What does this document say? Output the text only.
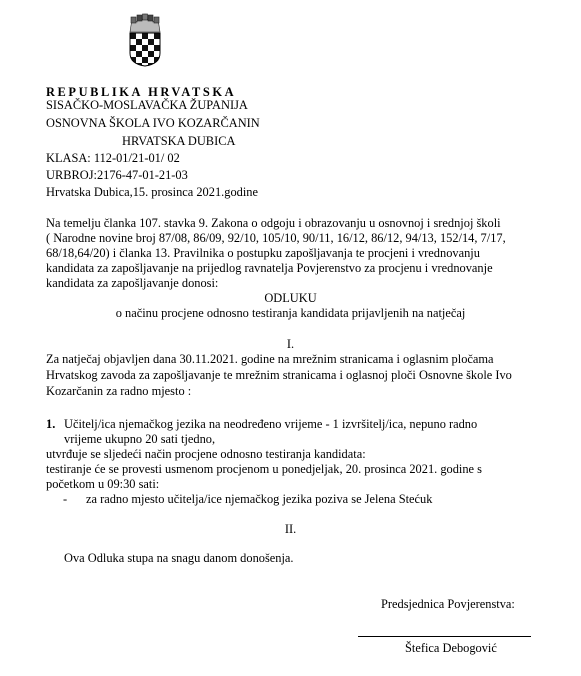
REPUBLIKA HRVATSKA
SISAČKO-MOSLAVAČKA ŽUPANIJA
OSNOVNA ŠKOLA IVO KOZARČANIN
HRVATSKA DUBICA
KLASA: 112-01/21-01/ 02
URBROJ:2176-47-01-21-03
Hrvatska Dubica,15. prosinca 2021.godine
Na temelju članka 107. stavka 9. Zakona o odgoju i obrazovanju u osnovnoj i srednjoj školi
( Narodne novine broj 87/08, 86/09, 92/10, 105/10, 90/11, 16/12, 86/12, 94/13, 152/14, 7/17,
68/18,64/20) i članka 13. Pravilnika o postupku zapošljavanja te procjeni i vrednovanju
kandidata za zapošljavanje na prijedlog ravnatelja Povjerenstvo za procjenu i vrednovanje
kandidata za zapošljavanje donosi:
ODLUKU
o načinu procjene odnosno testiranja kandidata prijavljenih na natječaj
I.
Za natječaj objavljen dana 30.11.2021. godine na mrežnim stranicama i oglasnim pločama
Hrvatskog zavoda za zapošljavanje te mrežnim stranicama i oglasnoj ploči Osnovne škole Ivo
Kozarčanin za radno mjesto :
1. Učitelj/ica njemačkog jezika na neodređeno vrijeme - 1 izvršitelj/ica, nepuno radno
vrijeme ukupno 20 sati tjedno,
utvrđuje se sljedeći način procjene odnosno testiranja kandidata:
testiranje će se provesti usmenom procjenom u ponedjeljak, 20. prosinca 2021. godine s
početkom u 09:30 sati:
- za radno mjesto učitelja/ice njemačkog jezika poziva se Jelena Stećuk
II.
Ova Odluka stupa na snagu danom donošenja.
Predsjednica Povjerenstva:
Štefica Debogović
